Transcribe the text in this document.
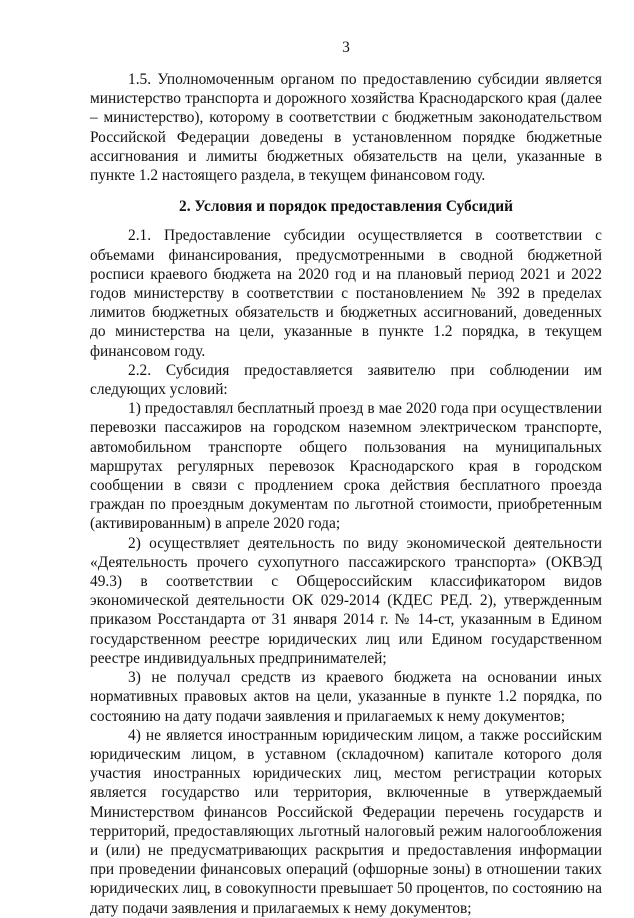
3

1.5. Уполномоченным органом по предоставлению субсидии является министерство транспорта и дорожного хозяйства Краснодарского края (далее – министерство), которому в соответствии с бюджетным законодательством Российской Федерации доведены в установленном порядке бюджетные ассигнования и лимиты бюджетных обязательств на цели, указанные в пункте 1.2 настоящего раздела, в текущем финансовом году.

2. Условия и порядок предоставления Субсидий

2.1. Предоставление субсидии осуществляется в соответствии с объемами финансирования, предусмотренными в сводной бюджетной росписи краевого бюджета на 2020 год и на плановый период 2021 и 2022 годов министерству в соответствии с постановлением № 392 в пределах лимитов бюджетных обязательств и бюджетных ассигнований, доведенных до министерства на цели, указанные в пункте 1.2 порядка, в текущем финансовом году.

2.2. Субсидия предоставляется заявителю при соблюдении им следующих условий:

1) предоставлял бесплатный проезд в мае 2020 года при осуществлении перевозки пассажиров на городском наземном электрическом транспорте, автомобильном транспорте общего пользования на муниципальных маршрутах регулярных перевозок Краснодарского края в городском сообщении в связи с продлением срока действия бесплатного проезда граждан по проездным документам по льготной стоимости, приобретенным (активированным) в апреле 2020 года;

2) осуществляет деятельность по виду экономической деятельности «Деятельность прочего сухопутного пассажирского транспорта» (ОКВЭД 49.3) в соответствии с Общероссийским классификатором видов экономической деятельности ОК 029-2014 (КДЕС РЕД. 2), утвержденным приказом Росстандарта от 31 января 2014 г. № 14-ст, указанным в Едином государственном реестре юридических лиц или Едином государственном реестре индивидуальных предпринимателей;

3) не получал средств из краевого бюджета на основании иных нормативных правовых актов на цели, указанные в пункте 1.2 порядка, по состоянию на дату подачи заявления и прилагаемых к нему документов;

4) не является иностранным юридическим лицом, а также российским юридическим лицом, в уставном (складочном) капитале которого доля участия иностранных юридических лиц, местом регистрации которых является государство или территория, включенные в утверждаемый Министерством финансов Российской Федерации перечень государств и территорий, предоставляющих льготный налоговый режим налогообложения и (или) не предусматривающих раскрытия и предоставления информации при проведении финансовых операций (офшорные зоны) в отношении таких юридических лиц, в совокупности превышает 50 процентов, по состоянию на дату подачи заявления и прилагаемых к нему документов;
